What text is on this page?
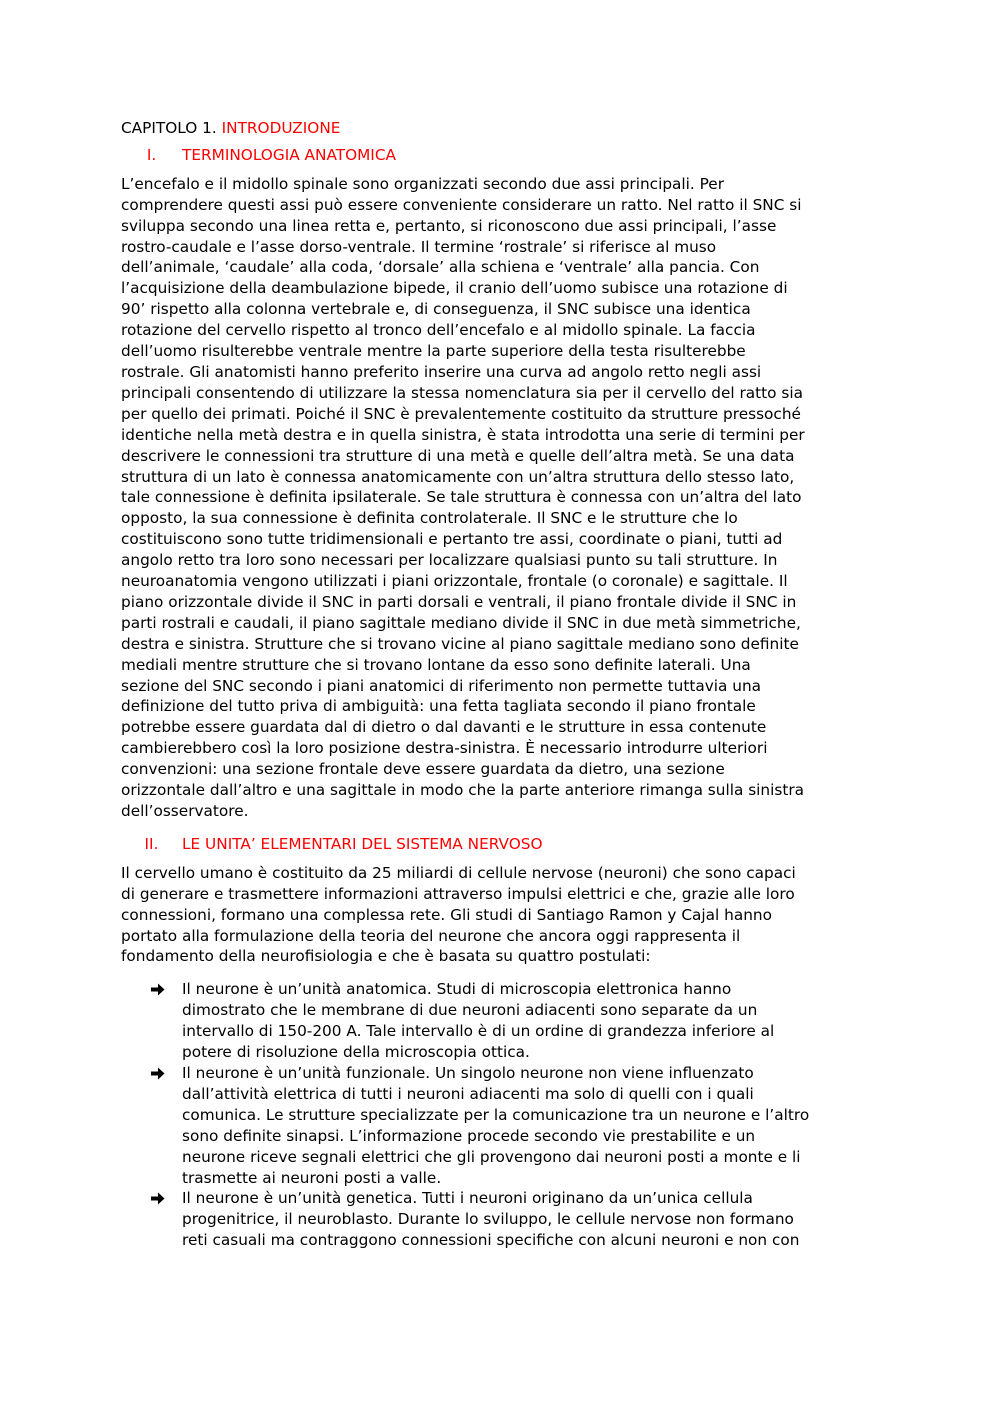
CAPITOLO 1. INTRODUZIONE
I.	TERMINOLOGIA ANATOMICA
L’encefalo e il midollo spinale sono organizzati secondo due assi principali. Per
comprendere questi assi può essere conveniente considerare un ratto. Nel ratto il SNC si
sviluppa secondo una linea retta e, pertanto, si riconoscono due assi principali, l’asse
rostro-caudale e l’asse dorso-ventrale. Il termine ‘rostrale’ si riferisce al muso
dell’animale, ‘caudale’ alla coda, ‘dorsale’ alla schiena e ‘ventrale’ alla pancia. Con
l’acquisizione della deambulazione bipede, il cranio dell’uomo subisce una rotazione di
90’ rispetto alla colonna vertebrale e, di conseguenza, il SNC subisce una identica
rotazione del cervello rispetto al tronco dell’encefalo e al midollo spinale. La faccia
dell’uomo risulterebbe ventrale mentre la parte superiore della testa risulterebbe
rostrale. Gli anatomisti hanno preferito inserire una curva ad angolo retto negli assi
principali consentendo di utilizzare la stessa nomenclatura sia per il cervello del ratto sia
per quello dei primati. Poiché il SNC è prevalentemente costituito da strutture pressoché
identiche nella metà destra e in quella sinistra, è stata introdotta una serie di termini per
descrivere le connessioni tra strutture di una metà e quelle dell’altra metà. Se una data
struttura di un lato è connessa anatomicamente con un’altra struttura dello stesso lato,
tale connessione è definita ipsilaterale. Se tale struttura è connessa con un’altra del lato
opposto, la sua connessione è definita controlaterale. Il SNC e le strutture che lo
costituiscono sono tutte tridimensionali e pertanto tre assi, coordinate o piani, tutti ad
angolo retto tra loro sono necessari per localizzare qualsiasi punto su tali strutture. In
neuroanatomia vengono utilizzati i piani orizzontale, frontale (o coronale) e sagittale. Il
piano orizzontale divide il SNC in parti dorsali e ventrali, il piano frontale divide il SNC in
parti rostrali e caudali, il piano sagittale mediano divide il SNC in due metà simmetriche,
destra e sinistra. Strutture che si trovano vicine al piano sagittale mediano sono definite
mediali mentre strutture che si trovano lontane da esso sono definite laterali. Una
sezione del SNC secondo i piani anatomici di riferimento non permette tuttavia una
definizione del tutto priva di ambiguità: una fetta tagliata secondo il piano frontale
potrebbe essere guardata dal di dietro o dal davanti e le strutture in essa contenute
cambierebbero così la loro posizione destra-sinistra. È necessario introdurre ulteriori
convenzioni: una sezione frontale deve essere guardata da dietro, una sezione
orizzontale dall’altro e una sagittale in modo che la parte anteriore rimanga sulla sinistra
dell’osservatore.
II.	LE UNITA’ ELEMENTARI DEL SISTEMA NERVOSO
Il cervello umano è costituito da 25 miliardi di cellule nervose (neuroni) che sono capaci
di generare e trasmettere informazioni attraverso impulsi elettrici e che, grazie alle loro
connessioni, formano una complessa rete. Gli studi di Santiago Ramon y Cajal hanno
portato alla formulazione della teoria del neurone che ancora oggi rappresenta il
fondamento della neurofisiologia e che è basata su quattro postulati:
Il neurone è un’unità anatomica. Studi di microscopia elettronica hanno
dimostrato che le membrane di due neuroni adiacenti sono separate da un
intervallo di 150-200 A. Tale intervallo è di un ordine di grandezza inferiore al
potere di risoluzione della microscopia ottica.
Il neurone è un’unità funzionale. Un singolo neurone non viene influenzato
dall’attività elettrica di tutti i neuroni adiacenti ma solo di quelli con i quali
comunica. Le strutture specializzate per la comunicazione tra un neurone e l’altro
sono definite sinapsi. L’informazione procede secondo vie prestabilite e un
neurone riceve segnali elettrici che gli provengono dai neuroni posti a monte e li
trasmette ai neuroni posti a valle.
Il neurone è un’unità genetica. Tutti i neuroni originano da un’unica cellula
progenitrice, il neuroblasto. Durante lo sviluppo, le cellule nervose non formano
reti casuali ma contraggono connessioni specifiche con alcuni neuroni e non con
